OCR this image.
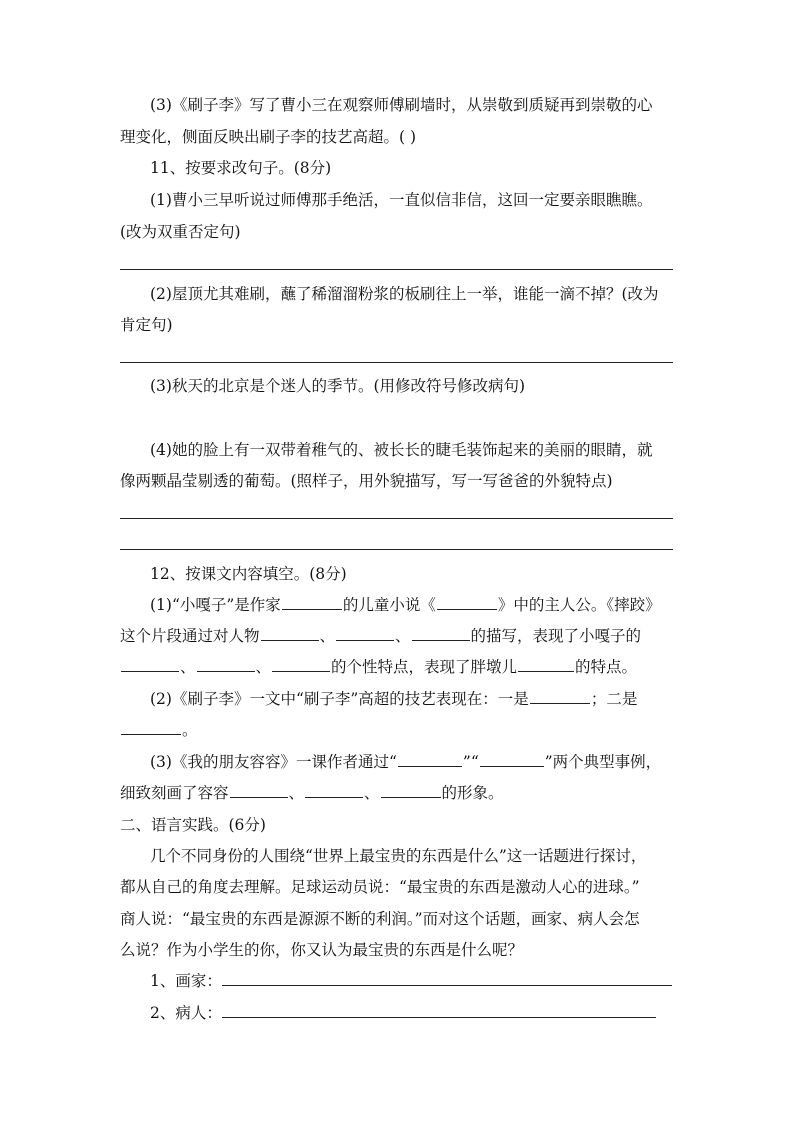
(3)《刷子李》写了曹小三在观察师傅刷墙时，从崇敬到质疑再到崇敬的心
理变化，侧面反映出刷子李的技艺高超。( )
11、按要求改句子。(8分)
(1)曹小三早听说过师傅那手绝活，一直似信非信，这回一定要亲眼瞧瞧。
(改为双重否定句)
(2)屋顶尤其难刷，蘸了稀溜溜粉浆的板刷往上一举，谁能一滴不掉？(改为
肯定句)
(3)秋天的北京是个迷人的季节。(用修改符号修改病句)
(4)她的脸上有一双带着稚气的、被长长的睫毛装饰起来的美丽的眼睛，就
像两颗晶莹剔透的葡萄。(照样子，用外貌描写，写一写爸爸的外貌特点)
12、按课文内容填空。(8分)
(1)“小嘎子”是作家	的儿童小说《	》中的主人公。《摔跤》
这个片段通过对人物	、	、	的描写，表现了小嘎子的
、	、	的个性特点，表现了胖墩儿	的特点。
(2)《刷子李》一文中“刷子李”高超的技艺表现在：一是	；二是
。
(3)《我的朋友容容》一课作者通过“	”“	”两个典型事例，
细致刻画了容容	、	、	的形象。
二、语言实践。(6分)
几个不同身份的人围绕“世界上最宝贵的东西是什么”这一话题进行探讨，
都从自己的角度去理解。足球运动员说：“最宝贵的东西是激动人心的进球。”
商人说：“最宝贵的东西是源源不断的利润。”而对这个话题，画家、病人会怎
么说？作为小学生的你，你又认为最宝贵的东西是什么呢？
1、画家：
2、病人：
